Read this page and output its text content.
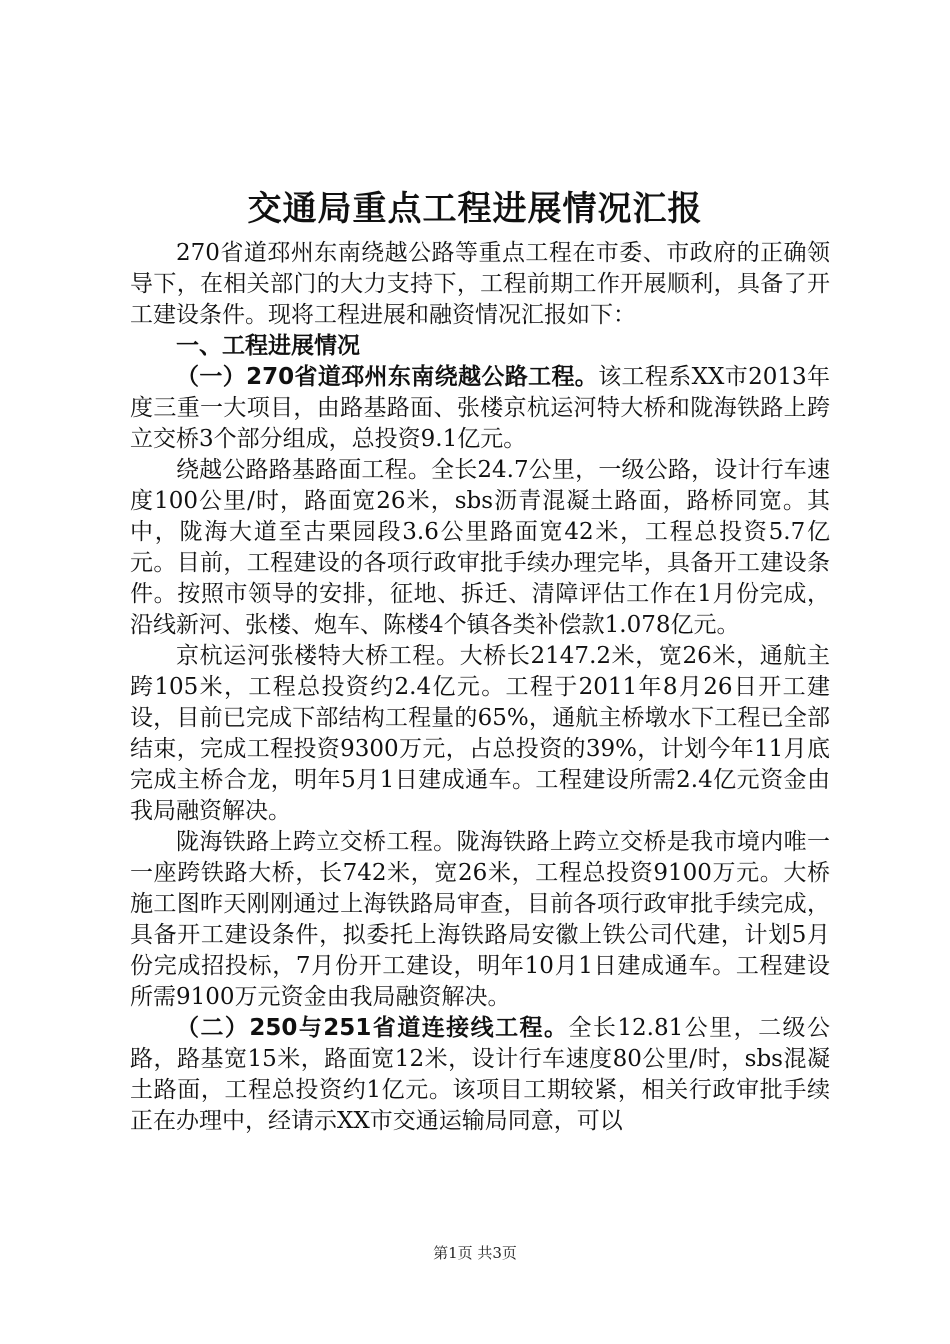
交通局重点工程进展情况汇报

270省道邳州东南绕越公路等重点工程在市委、市政府的正确领导下，在相关部门的大力支持下，工程前期工作开展顺利，具备了开工建设条件。现将工程进展和融资情况汇报如下：

一、工程进展情况

（一）270省道邳州东南绕越公路工程。该工程系XX市2013年度三重一大项目，由路基路面、张楼京杭运河特大桥和陇海铁路上跨立交桥3个部分组成，总投资9.1亿元。

绕越公路路基路面工程。全长24.7公里，一级公路，设计行车速度100公里/时，路面宽26米，sbs沥青混凝土路面，路桥同宽。其中，陇海大道至古栗园段3.6公里路面宽42米，工程总投资5.7亿元。目前，工程建设的各项行政审批手续办理完毕，具备开工建设条件。按照市领导的安排，征地、拆迁、清障评估工作在1月份完成，沿线新河、张楼、炮车、陈楼4个镇各类补偿款1.078亿元。

京杭运河张楼特大桥工程。大桥长2147.2米，宽26米，通航主跨105米，工程总投资约2.4亿元。工程于2011年8月26日开工建设，目前已完成下部结构工程量的65%，通航主桥墩水下工程已全部结束，完成工程投资9300万元，占总投资的39%，计划今年11月底完成主桥合龙，明年5月1日建成通车。工程建设所需2.4亿元资金由我局融资解决。

陇海铁路上跨立交桥工程。陇海铁路上跨立交桥是我市境内唯一一座跨铁路大桥，长742米，宽26米，工程总投资9100万元。大桥施工图昨天刚刚通过上海铁路局审查，目前各项行政审批手续完成，具备开工建设条件，拟委托上海铁路局安徽上铁公司代建，计划5月份完成招投标，7月份开工建设，明年10月1日建成通车。工程建设所需9100万元资金由我局融资解决。

（二）250与251省道连接线工程。全长12.81公里，二级公路，路基宽15米，路面宽12米，设计行车速度80公里/时，sbs混凝土路面，工程总投资约1亿元。该项目工期较紧，相关行政审批手续正在办理中，经请示XX市交通运输局同意，可以

第1页 共3页
